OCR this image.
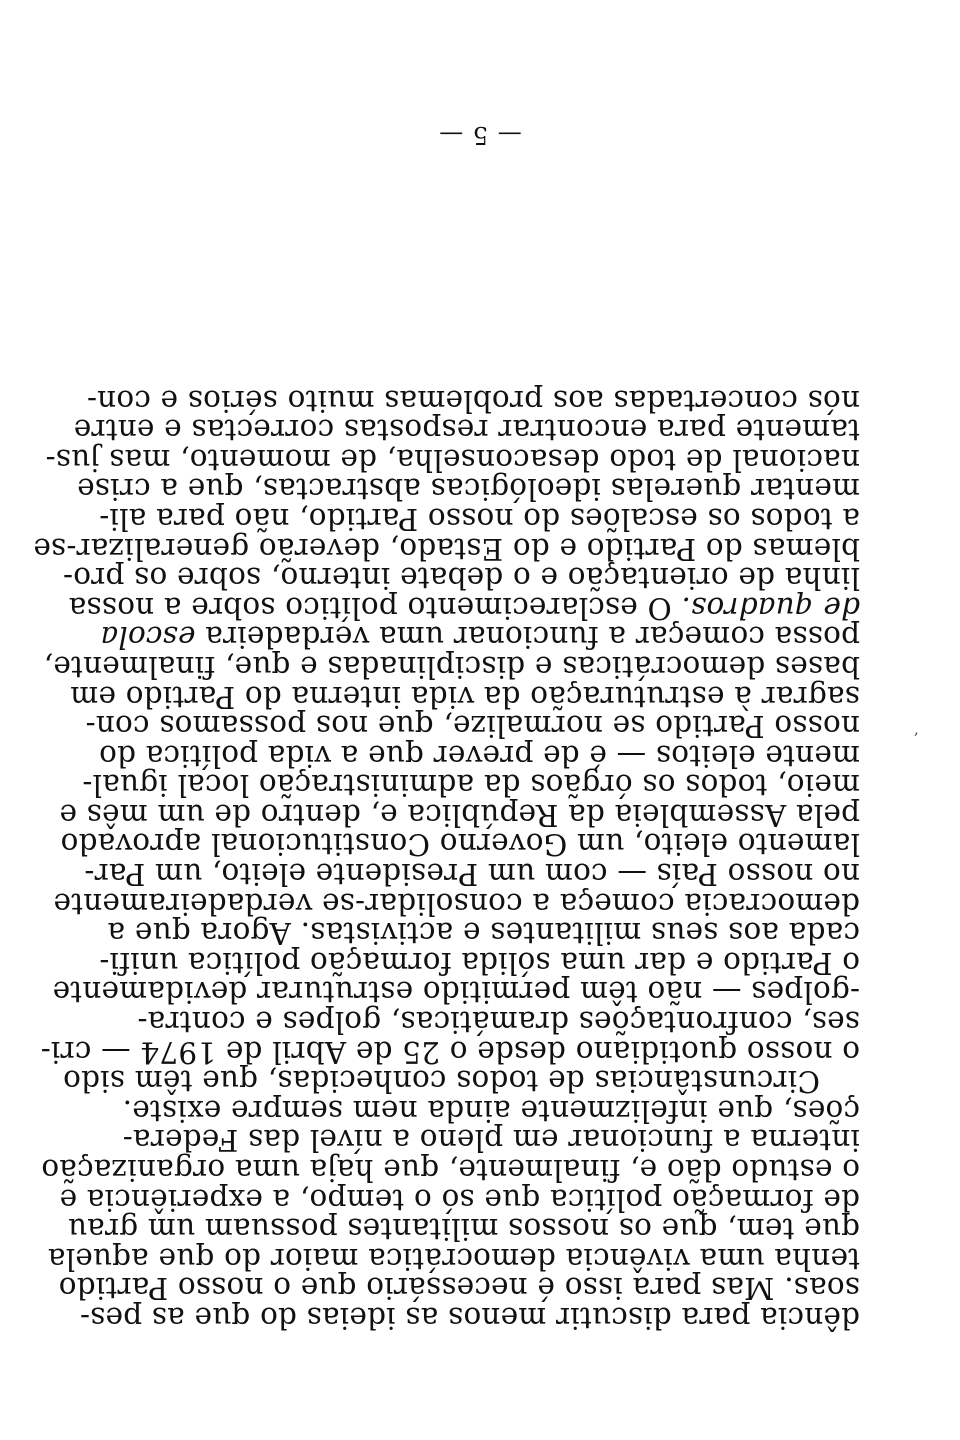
dência para discutir menos as ideias do que as pes-
soas. Mas para isso é necessário que o nosso Partido
tenha uma vivência democrática maior do que aquela
que tem, que os nossos militantes possuam um grau
de formação política que só o tempo, a experiência e
o estudo dão e, finalmente, que haja uma organização
interna a funcionar em pleno a nível das Federa-
ções, que infelizmente ainda nem sempre existe.
Circunstâncias de todos conhecidas, que têm sido
o nosso quotidiano desde o 25 de Abril de 1974 — cri-
ses, confrontações dramáticas, golpes e contra-
-golpes — não têm permitido estruturar devidamente
o Partido e dar uma sólida formação política unifi-
cada aos seus militantes e activistas. Agora que a
democracia começa a consolidar-se verdadeiramente
no nosso País — com um Presidente eleito, um Par-
lamento eleito, um Governo Constitucional aprovado
pela Assembleia da República e, dentro de um mês e
meio, todos os órgãos da administração local igual-
mente eleitos — é de prever que a vida política do
nosso Partido se normalize, que nos possamos con-
sagrar à estruturação da vida interna do Partido em
bases democráticas e disciplinadas e que, finalmente,
possa começar a funcionar uma verdadeira escola
de quadros. O esclarecimento político sobre a nossa
linha de orientação e o debate interno, sobre os pro-
blemas do Partido e do Estado, deverão generalizar-se
a todos os escalões do nosso Partido, não para ali-
mentar querelas ideológicas abstractas, que a crise
nacional de todo desaconselha, de momento, mas jus-
tamente para encontrar respostas correctas e entre
nós concertadas aos problemas muito sérios e con-
— 5 —
‚
